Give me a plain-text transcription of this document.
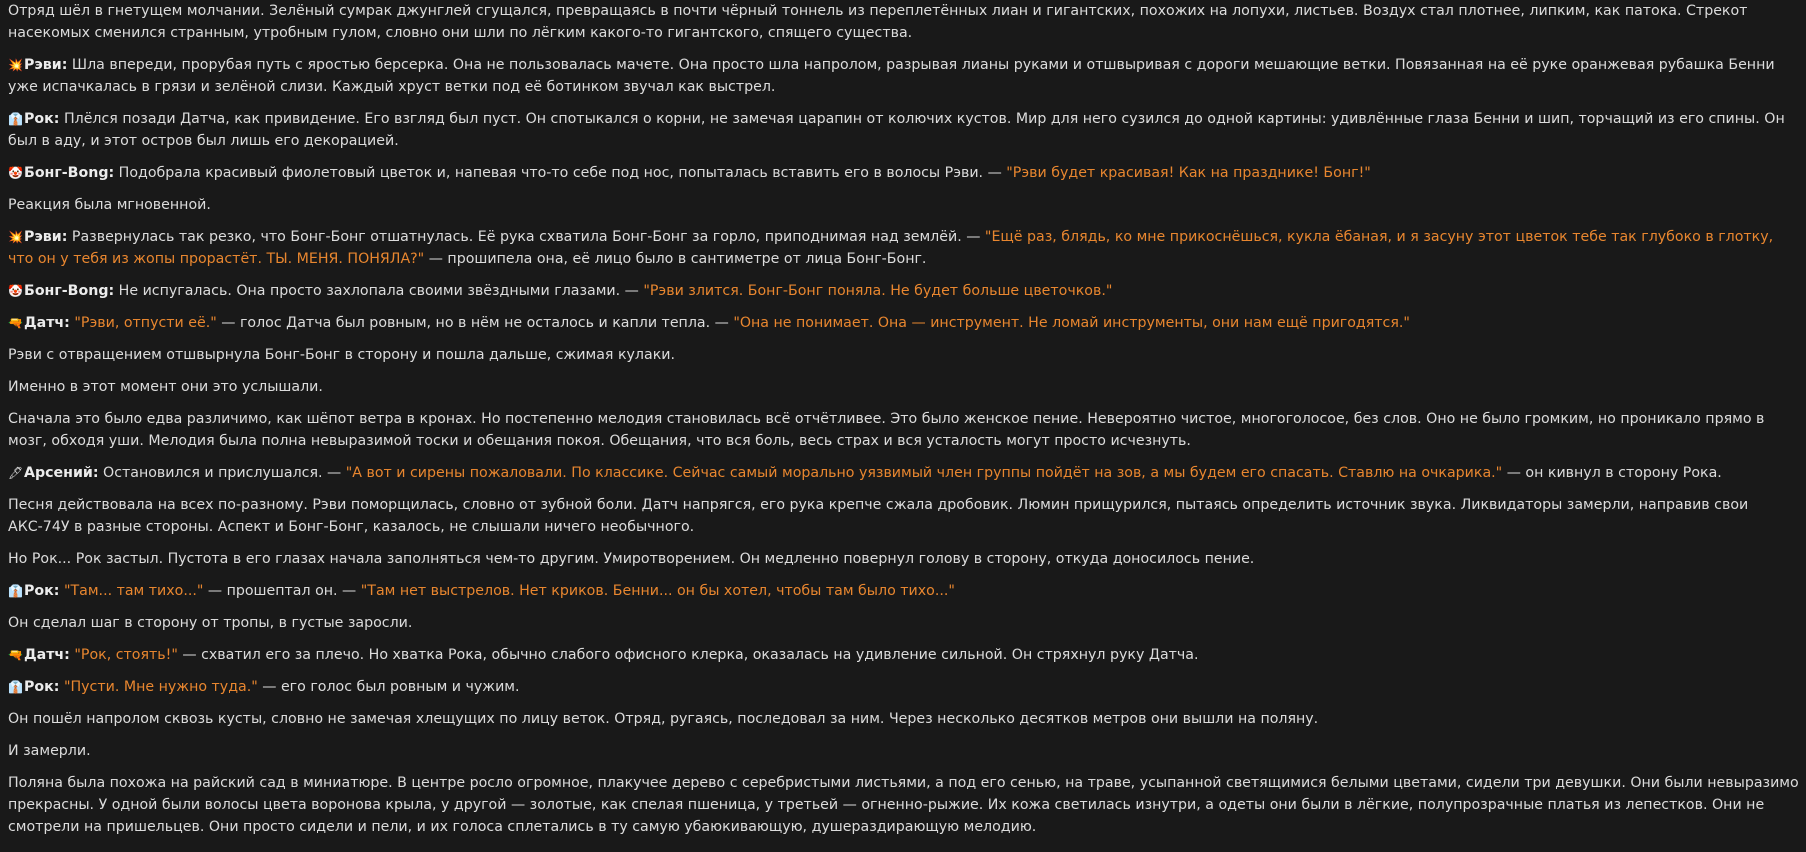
Отряд шёл в гнетущем молчании. Зелёный сумрак джунглей сгущался, превращаясь в почти чёрный тоннель из переплетённых лиан и гигантских, похожих на лопухи, листьев. Воздух стал плотнее, липким, как патока. Стрекот насекомых сменился странным, утробным гулом, словно они шли по лёгким какого-то гигантского, спящего существа.

💥Рэви: Шла впереди, прорубая путь с яростью берсерка. Она не пользовалась мачете. Она просто шла напролом, разрывая лианы руками и отшвыривая с дороги мешающие ветки. Повязанная на её руке оранжевая рубашка Бенни уже испачкалась в грязи и зелёной слизи. Каждый хруст ветки под её ботинком звучал как выстрел.

👔Рок: Плёлся позади Датча, как привидение. Его взгляд был пуст. Он спотыкался о корни, не замечая царапин от колючих кустов. Мир для него сузился до одной картины: удивлённые глаза Бенни и шип, торчащий из его спины. Он был в аду, и этот остров был лишь его декорацией.

🤡Бонг-Bong: Подобрала красивый фиолетовый цветок и, напевая что-то себе под нос, попыталась вставить его в волосы Рэви. — "Рэви будет красивая! Как на празднике! Бонг!"

Реакция была мгновенной.

💥Рэви: Развернулась так резко, что Бонг-Бонг отшатнулась. Её рука схватила Бонг-Бонг за горло, приподнимая над землёй. — "Ещё раз, блядь, ко мне прикоснёшься, кукла ёбаная, и я засуну этот цветок тебе так глубоко в глотку, что он у тебя из жопы прорастёт. ТЫ. МЕНЯ. ПОНЯЛА?" — прошипела она, её лицо было в сантиметре от лица Бонг-Бонг.

🤡Бонг-Bong: Не испугалась. Она просто захлопала своими звёздными глазами. — "Рэви злится. Бонг-Бонг поняла. Не будет больше цветочков."

🔫Датч: "Рэви, отпусти её." — голос Датча был ровным, но в нём не осталось и капли тепла. — "Она не понимает. Она — инструмент. Не ломай инструменты, они нам ещё пригодятся."

Рэви с отвращением отшвырнула Бонг-Бонг в сторону и пошла дальше, сжимая кулаки.

Именно в этот момент они это услышали.

Сначала это было едва различимо, как шёпот ветра в кронах. Но постепенно мелодия становилась всё отчётливее. Это было женское пение. Невероятно чистое, многоголосое, без слов. Оно не было громким, но проникало прямо в мозг, обходя уши. Мелодия была полна невыразимой тоски и обещания покоя. Обещания, что вся боль, весь страх и вся усталость могут просто исчезнуть.

🖋Арсений: Остановился и прислушался. — "А вот и сирены пожаловали. По классике. Сейчас самый морально уязвимый член группы пойдёт на зов, а мы будем его спасать. Ставлю на очкарика." — он кивнул в сторону Рока.

Песня действовала на всех по-разному. Рэви поморщилась, словно от зубной боли. Датч напрягся, его рука крепче сжала дробовик. Люмин прищурился, пытаясь определить источник звука. Ликвидаторы замерли, направив свои АКС-74У в разные стороны. Аспект и Бонг-Бонг, казалось, не слышали ничего необычного.

Но Рок... Рок застыл. Пустота в его глазах начала заполняться чем-то другим. Умиротворением. Он медленно повернул голову в сторону, откуда доносилось пение.

👔Рок: "Там... там тихо..." — прошептал он. — "Там нет выстрелов. Нет криков. Бенни... он бы хотел, чтобы там было тихо..."

Он сделал шаг в сторону от тропы, в густые заросли.

🔫Датч: "Рок, стоять!" — схватил его за плечо. Но хватка Рока, обычно слабого офисного клерка, оказалась на удивление сильной. Он стряхнул руку Датча.

👔Рок: "Пусти. Мне нужно туда." — его голос был ровным и чужим.

Он пошёл напролом сквозь кусты, словно не замечая хлещущих по лицу веток. Отряд, ругаясь, последовал за ним. Через несколько десятков метров они вышли на поляну.

И замерли.

Поляна была похожа на райский сад в миниатюре. В центре росло огромное, плакучее дерево с серебристыми листьями, а под его сенью, на траве, усыпанной светящимися белыми цветами, сидели три девушки. Они были невыразимо прекрасны. У одной были волосы цвета воронова крыла, у другой — золотые, как спелая пшеница, у третьей — огненно-рыжие. Их кожа светилась изнутри, а одеты они были в лёгкие, полупрозрачные платья из лепестков. Они не смотрели на пришельцев. Они просто сидели и пели, и их голоса сплетались в ту самую убаюкивающую, душераздирающую мелодию.
